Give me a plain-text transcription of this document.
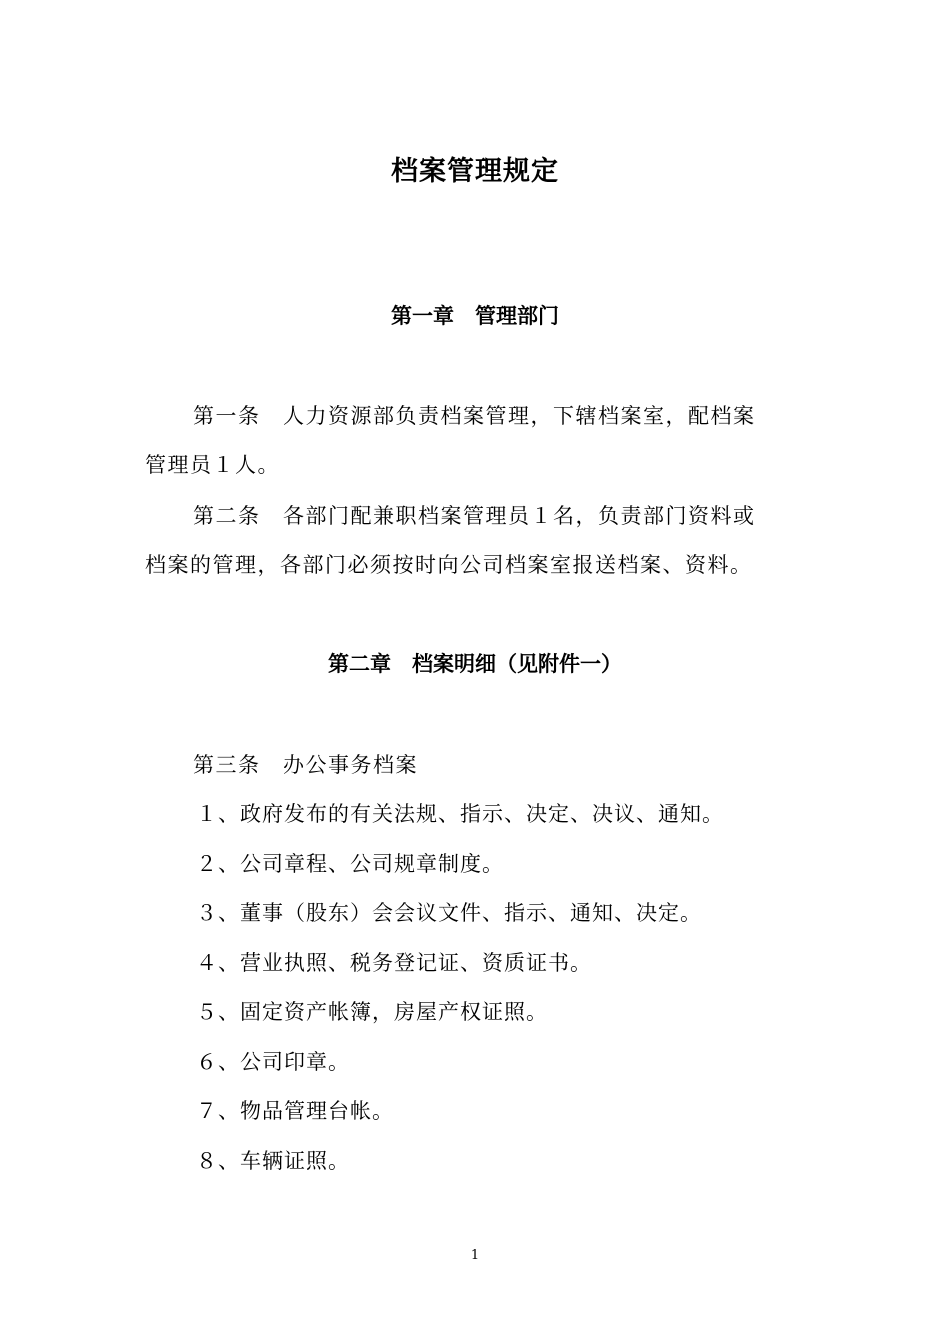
档案管理规定
第一章　管理部门
第一条　人力资源部负责档案管理，下辖档案室，配档案
管理员１人。
第二条　各部门配兼职档案管理员１名，负责部门资料或
档案的管理，各部门必须按时向公司档案室报送档案、资料。
第二章　档案明细（见附件一）
第三条　办公事务档案
１、政府发布的有关法规、指示、决定、决议、通知。
２、公司章程、公司规章制度。
３、董事（股东）会会议文件、指示、通知、决定。
４、营业执照、税务登记证、资质证书。
５、固定资产帐簿，房屋产权证照。
６、公司印章。
７、物品管理台帐。
８、车辆证照。
1
